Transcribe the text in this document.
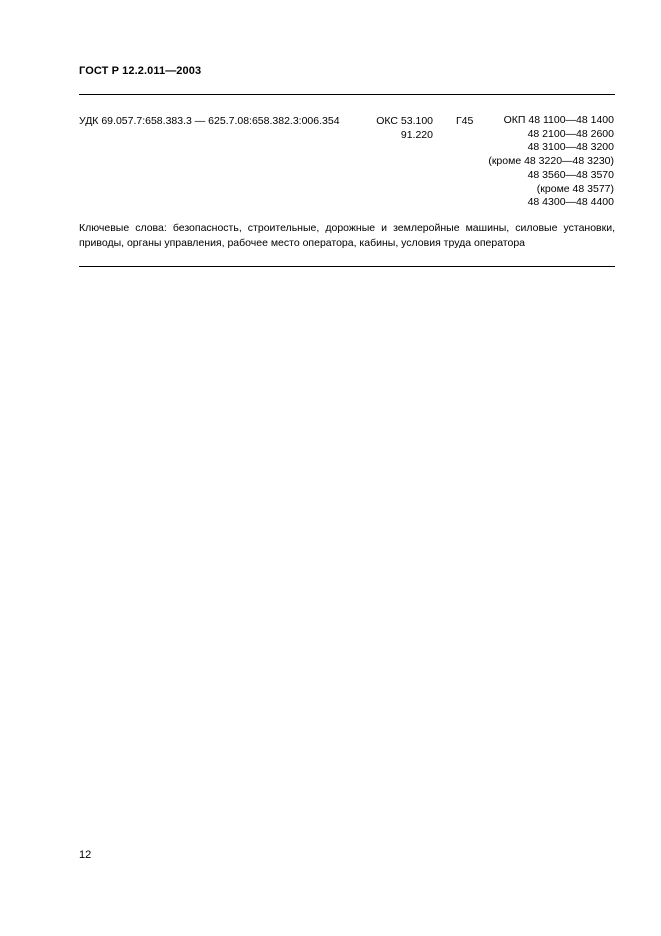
ГОСТ Р 12.2.011—2003
УДК 69.057.7:658.383.3 — 625.7.08:658.382.3:006.354	ОКС 53.100
91.220
Г45	ОКП 48 1100—48 1400
48 2100—48 2600
48 3100—48 3200
(кроме 48 3220—48 3230)
48 3560—48 3570
(кроме 48 3577)
48 4300—48 4400
Ключевые слова: безопасность, строительные, дорожные и землеройные машины, силовые установки, приводы, органы управления, рабочее место оператора, кабины, условия труда оператора
12
